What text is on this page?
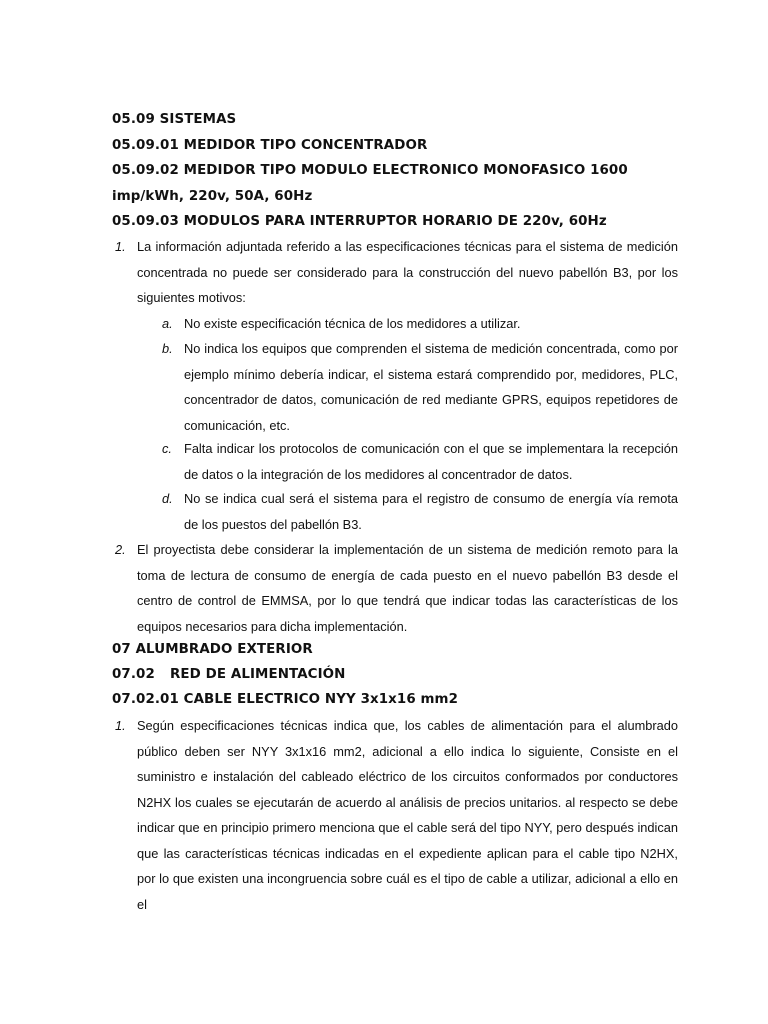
05.09 SISTEMAS
05.09.01 MEDIDOR TIPO CONCENTRADOR
05.09.02 MEDIDOR TIPO MODULO ELECTRONICO MONOFASICO 1600 imp/kWh, 220v, 50A, 60Hz
05.09.03 MODULOS PARA INTERRUPTOR HORARIO DE 220v, 60Hz
1. La información adjuntada referido a las especificaciones técnicas para el sistema de medición concentrada no puede ser considerado para la construcción del nuevo pabellón B3, por los siguientes motivos:
a. No existe especificación técnica de los medidores a utilizar.
b. No indica los equipos que comprenden el sistema de medición concentrada, como por ejemplo mínimo debería indicar, el sistema estará comprendido por, medidores, PLC, concentrador de datos, comunicación de red mediante GPRS, equipos repetidores de comunicación, etc.
c. Falta indicar los protocolos de comunicación con el que se implementara la recepción de datos o la integración de los medidores al concentrador de datos.
d. No se indica cual será el sistema para el registro de consumo de energía vía remota de los puestos del pabellón B3.
2. El proyectista debe considerar la implementación de un sistema de medición remoto para la toma de lectura de consumo de energía de cada puesto en el nuevo pabellón B3 desde el centro de control de EMMSA, por lo que tendrá que indicar todas las características de los equipos necesarios para dicha implementación.
07 ALUMBRADO EXTERIOR
07.02 RED DE ALIMENTACIÓN
07.02.01 CABLE ELECTRICO NYY 3x1x16 mm2
1. Según especificaciones técnicas indica que, los cables de alimentación para el alumbrado público deben ser NYY 3x1x16 mm2, adicional a ello indica lo siguiente, Consiste en el suministro e instalación del cableado eléctrico de los circuitos conformados por conductores N2HX los cuales se ejecutarán de acuerdo al análisis de precios unitarios. al respecto se debe indicar que en principio primero menciona que el cable será del tipo NYY, pero después indican que las características técnicas indicadas en el expediente aplican para el cable tipo N2HX, por lo que existen una incongruencia sobre cuál es el tipo de cable a utilizar, adicional a ello en el
